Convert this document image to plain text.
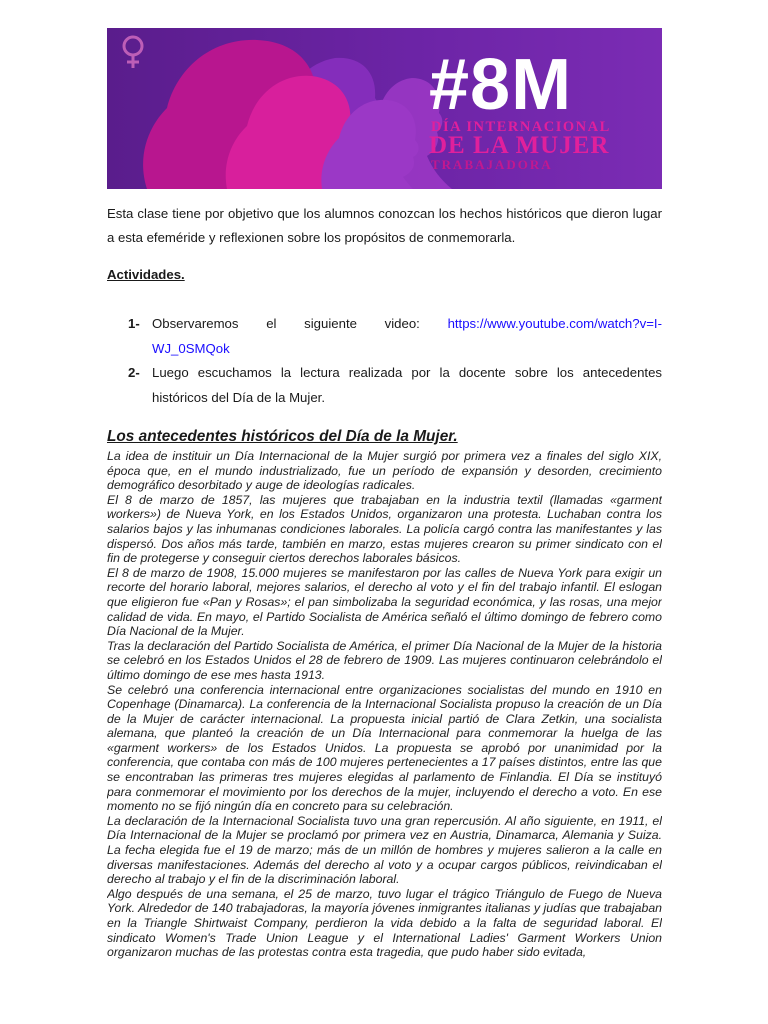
#8M
DÍA INTERNACIONAL
DE LA MUJER
TRABAJADORA

Esta clase tiene por objetivo que los alumnos conozcan los hechos históricos que dieron lugar a esta efeméride y reflexionen sobre los propósitos de conmemorarla.

Actividades.
1- Observaremos el siguiente video: https://www.youtube.com/watch?v=I-
WJ_0SMQok
2- Luego escuchamos la lectura realizada por la docente sobre los antecedentes históricos del Día de la Mujer.
Los antecedentes históricos del Día de la Mujer.

La idea de instituir un Día Internacional de la Mujer surgió por primera vez a finales del siglo XIX, época que, en el mundo industrializado, fue un período de expansión y desorden, crecimiento demográfico desorbitado y auge de ideologías radicales.

El 8 de marzo de 1857, las mujeres que trabajaban en la industria textil (llamadas «garment workers») de Nueva York, en los Estados Unidos, organizaron una protesta. Luchaban contra los salarios bajos y las inhumanas condiciones laborales. La policía cargó contra las manifestantes y las dispersó. Dos años más tarde, también en marzo, estas mujeres crearon su primer sindicato con el fin de protegerse y conseguir ciertos derechos laborales básicos.

El 8 de marzo de 1908, 15.000 mujeres se manifestaron por las calles de Nueva York para exigir un recorte del horario laboral, mejores salarios, el derecho al voto y el fin del trabajo infantil. El eslogan que eligieron fue «Pan y Rosas»; el pan simbolizaba la seguridad económica, y las rosas, una mejor calidad de vida. En mayo, el Partido Socialista de América señaló el último domingo de febrero como Día Nacional de la Mujer.

Tras la declaración del Partido Socialista de América, el primer Día Nacional de la Mujer de la historia se celebró en los Estados Unidos el 28 de febrero de 1909. Las mujeres continuaron celebrándolo el último domingo de ese mes hasta 1913.

Se celebró una conferencia internacional entre organizaciones socialistas del mundo en 1910 en Copenhage (Dinamarca). La conferencia de la Internacional Socialista propuso la creación de un Día de la Mujer de carácter internacional. La propuesta inicial partió de Clara Zetkin, una socialista alemana, que planteó la creación de un Día Internacional para conmemorar la huelga de las «garment workers» de los Estados Unidos. La propuesta se aprobó por unanimidad por la conferencia, que contaba con más de 100 mujeres pertenecientes a 17 países distintos, entre las que se encontraban las primeras tres mujeres elegidas al parlamento de Finlandia. El Día se instituyó para conmemorar el movimiento por los derechos de la mujer, incluyendo el derecho a voto. En ese momento no se fijó ningún día en concreto para su celebración.

La declaración de la Internacional Socialista tuvo una gran repercusión. Al año siguiente, en 1911, el Día Internacional de la Mujer se proclamó por primera vez en Austria, Dinamarca, Alemania y Suiza. La fecha elegida fue el 19 de marzo; más de un millón de hombres y mujeres salieron a la calle en diversas manifestaciones. Además del derecho al voto y a ocupar cargos públicos, reivindicaban el derecho al trabajo y el fin de la discriminación laboral.

Algo después de una semana, el 25 de marzo, tuvo lugar el trágico Triángulo de Fuego de Nueva York. Alrededor de 140 trabajadoras, la mayoría jóvenes inmigrantes italianas y judías que trabajaban en la Triangle Shirtwaist Company, perdieron la vida debido a la falta de seguridad laboral. El sindicato Women's Trade Union League y el International Ladies' Garment Workers Union organizaron muchas de las protestas contra esta tragedia, que pudo haber sido evitada,
